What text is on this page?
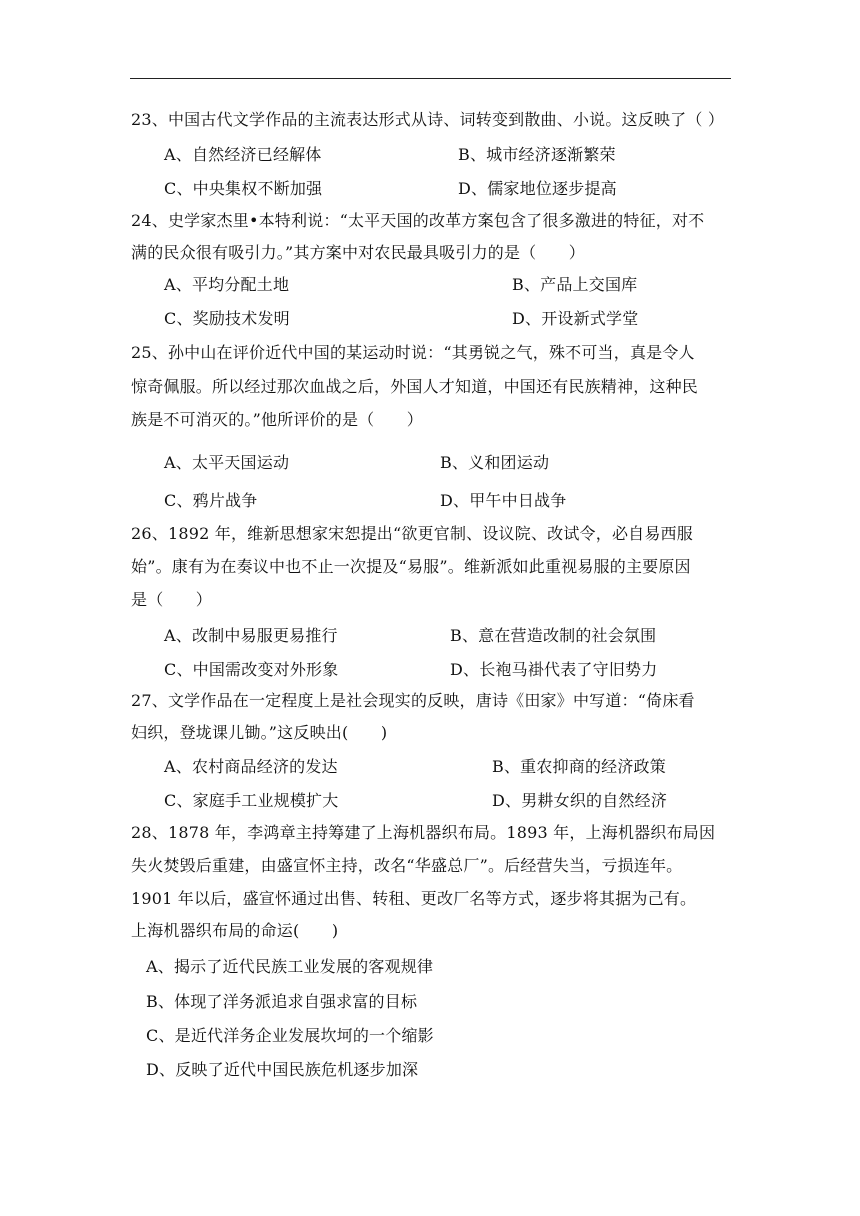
23、中国古代文学作品的主流表达形式从诗、词转变到散曲、小说。这反映了（ ）
A、自然经济已经解体	B、城市经济逐渐繁荣
C、中央集权不断加强	D、儒家地位逐步提高
24、史学家杰里•本特利说：“太平天国的改革方案包含了很多激进的特征，对不
满的民众很有吸引力。”其方案中对农民最具吸引力的是（　　）
A、平均分配土地	B、产品上交国库
C、奖励技术发明	D、开设新式学堂
25、孙中山在评价近代中国的某运动时说：“其勇锐之气，殊不可当，真是令人
惊奇佩服。所以经过那次血战之后，外国人才知道，中国还有民族精神，这种民
族是不可消灭的。”他所评价的是（　　）
A、太平天国运动	B、义和团运动
C、鸦片战争	D、甲午中日战争
26、1892 年，维新思想家宋恕提出“欲更官制、设议院、改试令，必自易西服
始”。康有为在奏议中也不止一次提及“易服”。维新派如此重视易服的主要原因
是（　　）
A、改制中易服更易推行	B、意在营造改制的社会氛围
C、中国需改变对外形象	D、长袍马褂代表了守旧势力
27、文学作品在一定程度上是社会现实的反映，唐诗《田家》中写道：“倚床看
妇织，登垅课儿锄。”这反映出(　　)
A、农村商品经济的发达	B、重农抑商的经济政策
C、家庭手工业规模扩大	D、男耕女织的自然经济
28、1878 年，李鸿章主持筹建了上海机器织布局。1893 年，上海机器织布局因
失火焚毁后重建，由盛宣怀主持，改名“华盛总厂”。后经营失当，亏损连年。
1901 年以后，盛宣怀通过出售、转租、更改厂名等方式，逐步将其据为己有。
上海机器织布局的命运(　　)
A、揭示了近代民族工业发展的客观规律
B、体现了洋务派追求自强求富的目标
C、是近代洋务企业发展坎坷的一个缩影
D、反映了近代中国民族危机逐步加深
